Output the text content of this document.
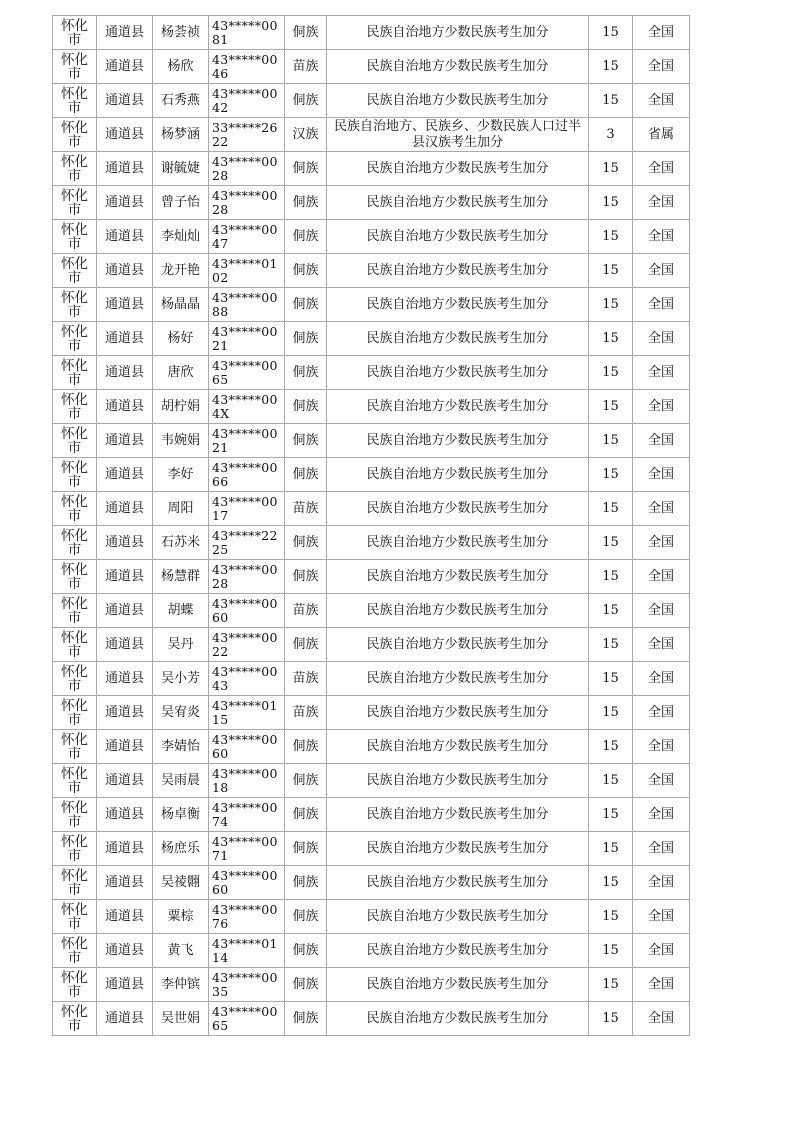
怀化市	通道县	杨荟祯	43*****0081	侗族	民族自治地方少数民族考生加分	15	全国
怀化市	通道县	杨欣	43*****0046	苗族	民族自治地方少数民族考生加分	15	全国
怀化市	通道县	石秀燕	43*****0042	侗族	民族自治地方少数民族考生加分	15	全国
怀化市	通道县	杨梦涵	33*****2622	汉族	民族自治地方、民族乡、少数民族人口过半县汉族考生加分	3	省属
怀化市	通道县	谢毓婕	43*****0028	侗族	民族自治地方少数民族考生加分	15	全国
怀化市	通道县	曾子怡	43*****0028	侗族	民族自治地方少数民族考生加分	15	全国
怀化市	通道县	李灿灿	43*****0047	侗族	民族自治地方少数民族考生加分	15	全国
怀化市	通道县	龙开艳	43*****0102	侗族	民族自治地方少数民族考生加分	15	全国
怀化市	通道县	杨晶晶	43*****0088	侗族	民族自治地方少数民族考生加分	15	全国
怀化市	通道县	杨好	43*****0021	侗族	民族自治地方少数民族考生加分	15	全国
怀化市	通道县	唐欣	43*****0065	侗族	民族自治地方少数民族考生加分	15	全国
怀化市	通道县	胡柠娟	43*****004X	侗族	民族自治地方少数民族考生加分	15	全国
怀化市	通道县	韦婉娟	43*****0021	侗族	民族自治地方少数民族考生加分	15	全国
怀化市	通道县	李好	43*****0066	侗族	民族自治地方少数民族考生加分	15	全国
怀化市	通道县	周阳	43*****0017	苗族	民族自治地方少数民族考生加分	15	全国
怀化市	通道县	石苏米	43*****2225	侗族	民族自治地方少数民族考生加分	15	全国
怀化市	通道县	杨慧群	43*****0028	侗族	民族自治地方少数民族考生加分	15	全国
怀化市	通道县	胡蝶	43*****0060	苗族	民族自治地方少数民族考生加分	15	全国
怀化市	通道县	吴丹	43*****0022	侗族	民族自治地方少数民族考生加分	15	全国
怀化市	通道县	吴小芳	43*****0043	苗族	民族自治地方少数民族考生加分	15	全国
怀化市	通道县	吴宥炎	43*****0115	苗族	民族自治地方少数民族考生加分	15	全国
怀化市	通道县	李婧怡	43*****0060	侗族	民族自治地方少数民族考生加分	15	全国
怀化市	通道县	吴雨晨	43*****0018	侗族	民族自治地方少数民族考生加分	15	全国
怀化市	通道县	杨卓衡	43*****0074	侗族	民族自治地方少数民族考生加分	15	全国
怀化市	通道县	杨庶乐	43*****0071	侗族	民族自治地方少数民族考生加分	15	全国
怀化市	通道县	吴祾翾	43*****0060	侗族	民族自治地方少数民族考生加分	15	全国
怀化市	通道县	粟棕	43*****0076	侗族	民族自治地方少数民族考生加分	15	全国
怀化市	通道县	黄飞	43*****0114	侗族	民族自治地方少数民族考生加分	15	全国
怀化市	通道县	李仲镔	43*****0035	侗族	民族自治地方少数民族考生加分	15	全国
怀化市	通道县	吴世娟	43*****0065	侗族	民族自治地方少数民族考生加分	15	全国
